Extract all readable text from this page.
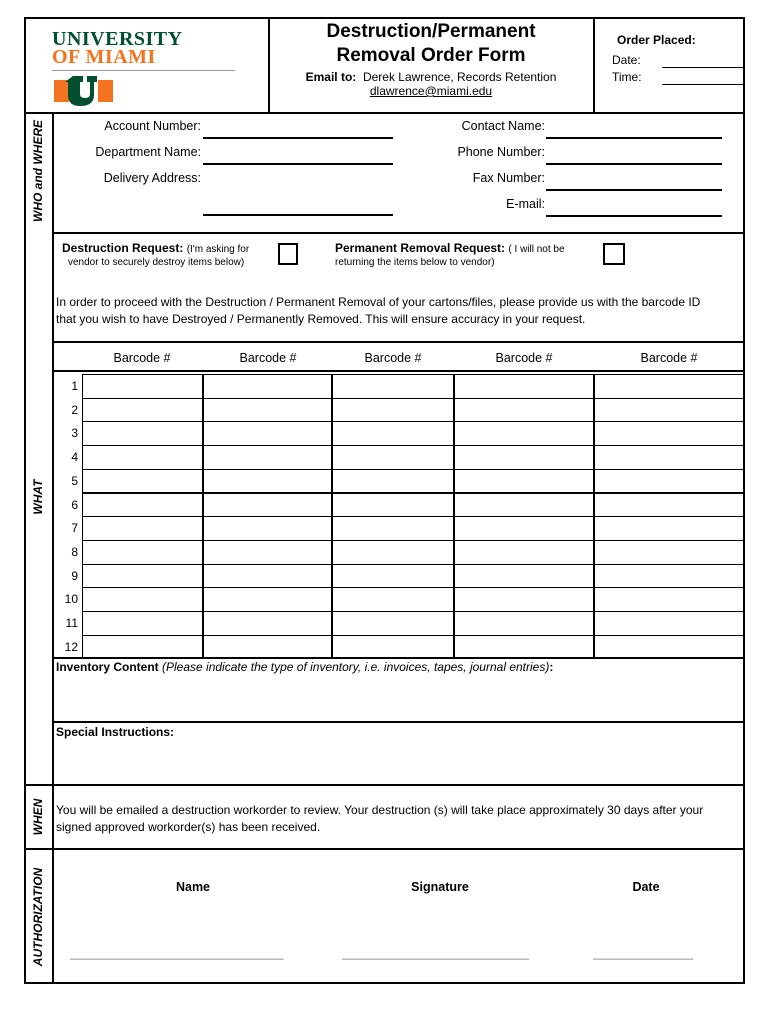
UNIVERSITY
OF MIAMI
Destruction/Permanent
Removal Order Form
Email to: Derek Lawrence, Records Retention
dlawrence@miami.edu
Order Placed:
Date:
Time:
WHO and WHERE
WHAT
WHEN
AUTHORIZATION
Account Number:
Department Name:
Delivery Address:
Contact Name:
Phone Number:
Fax Number:
E-mail:
Destruction Request: (I'm asking for
vendor to securely destroy items below)
Permanent Removal Request: ( I will not be
returning the items below to vendor)
In order to proceed with the Destruction / Permanent Removal of your cartons/files, please provide us with the barcode ID
that you wish to have Destroyed / Permanently Removed. This will ensure accuracy in your request.
Barcode #	Barcode #	Barcode #	Barcode #	Barcode #
1
2
3
4
5
6
7
8
9
10
11
12
Inventory Content (Please indicate the type of inventory, i.e. invoices, tapes, journal entries):
Special Instructions:
You will be emailed a destruction workorder to review. Your destruction (s) will take place approximately 30 days after your
signed approved workorder(s) has been received.
Name	Signature	Date
________________________________	____________________________	_______________
